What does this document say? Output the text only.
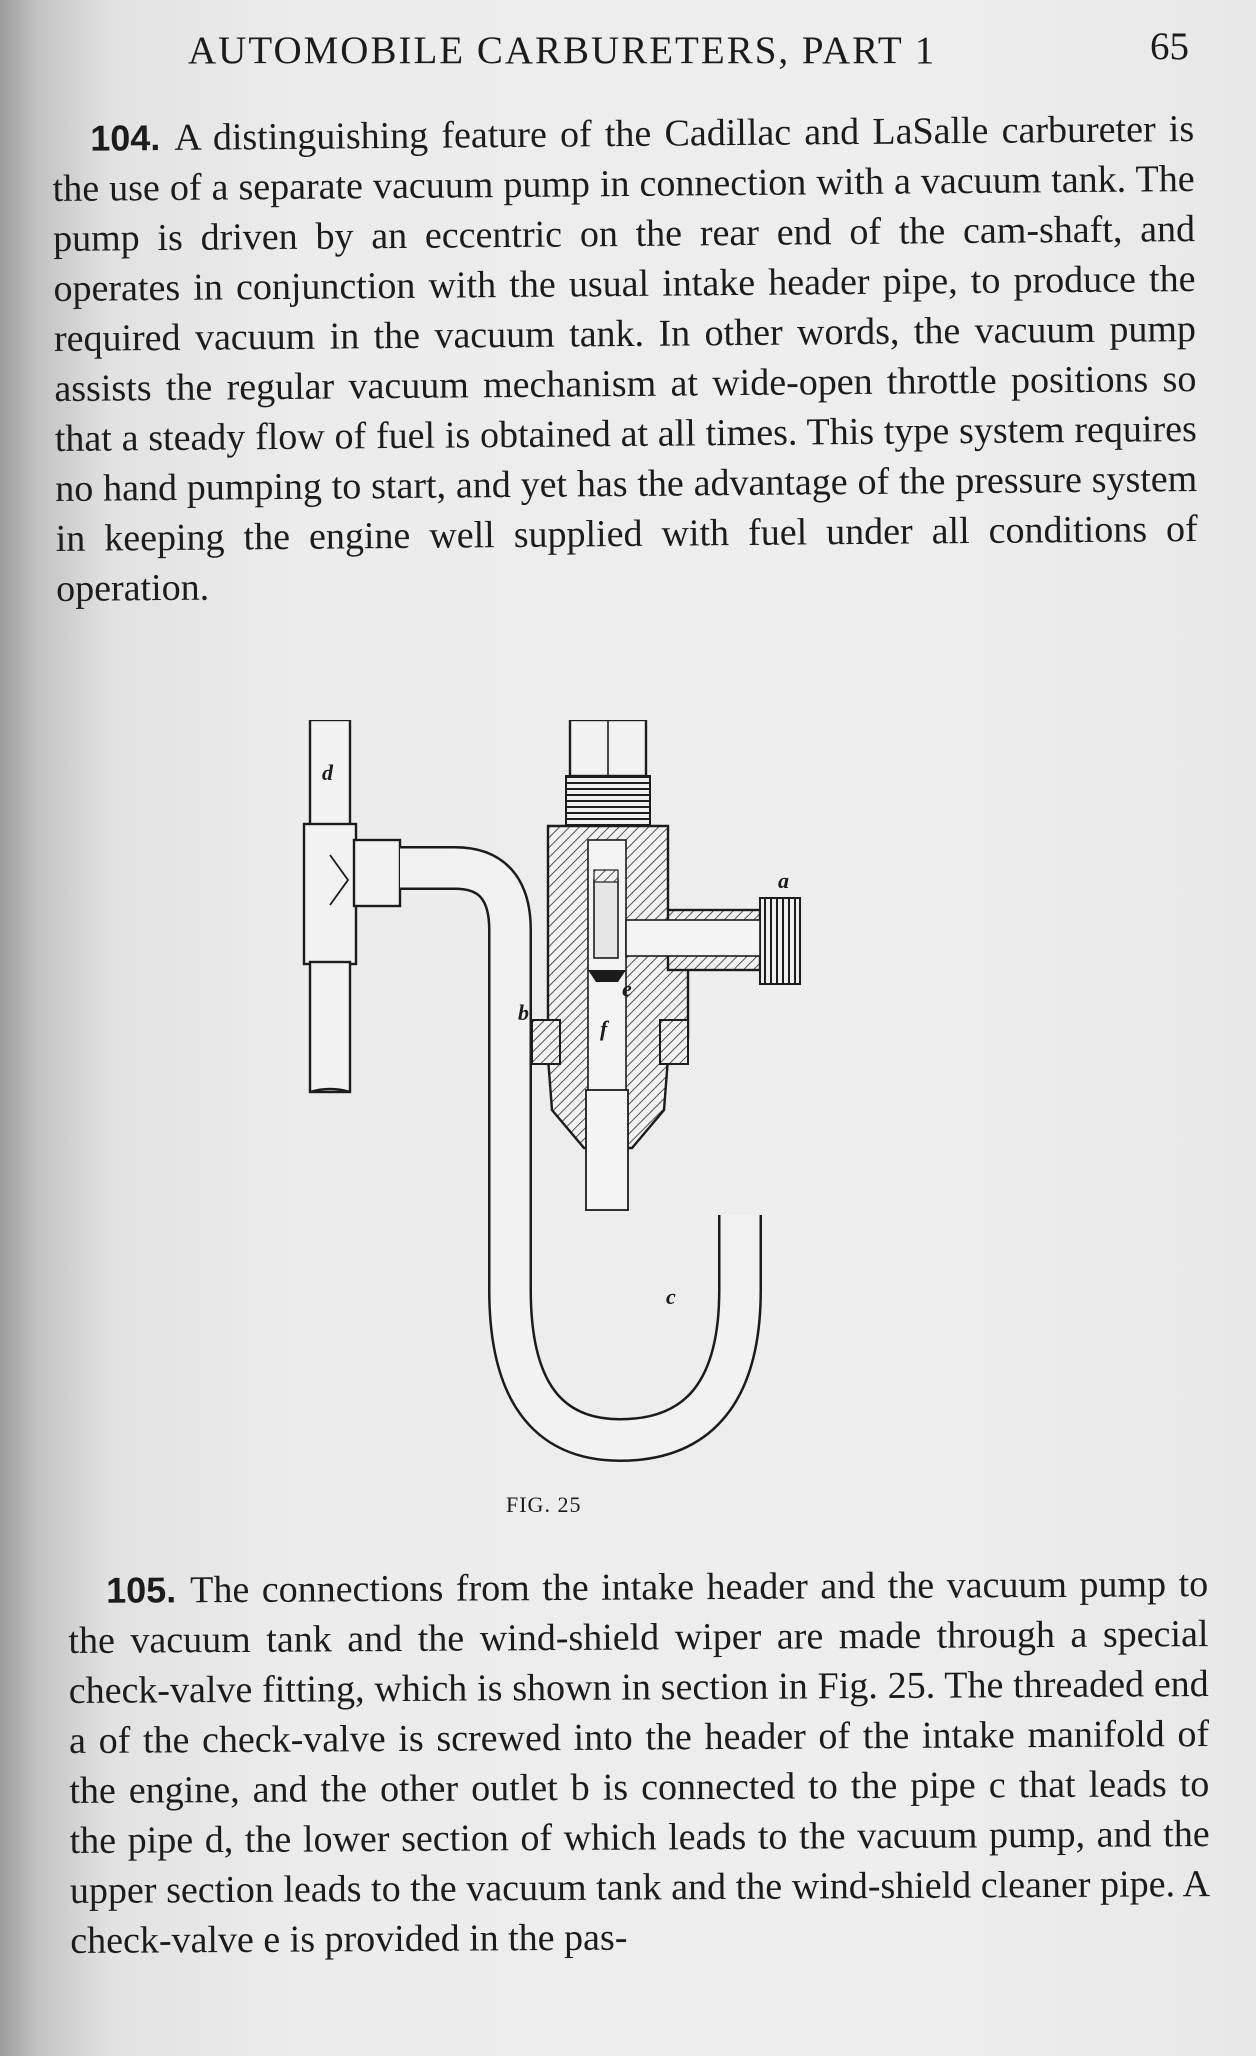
AUTOMOBILE CARBURETERS, PART 1	65

104. A distinguishing feature of the Cadillac and LaSalle carbureter is the use of a separate vacuum pump in connection with a vacuum tank. The pump is driven by an eccentric on the rear end of the cam-shaft, and operates in conjunction with the usual intake header pipe, to produce the required vacuum in the vacuum tank. In other words, the vacuum pump assists the regular vacuum mechanism at wide-open throttle positions so that a steady flow of fuel is obtained at all times. This type system requires no hand pumping to start, and yet has the advantage of the pressure system in keeping the engine well supplied with fuel under all conditions of operation.

d
a
b
e
f
c
FIG. 25

105. The connections from the intake header and the vacuum pump to the vacuum tank and the wind-shield wiper are made through a special check-valve fitting, which is shown in section in Fig. 25. The threaded end a of the check-valve is screwed into the header of the intake manifold of the engine, and the other outlet b is connected to the pipe c that leads to the pipe d, the lower section of which leads to the vacuum pump, and the upper section leads to the vacuum tank and the wind-shield cleaner pipe. A check-valve e is provided in the pas-
